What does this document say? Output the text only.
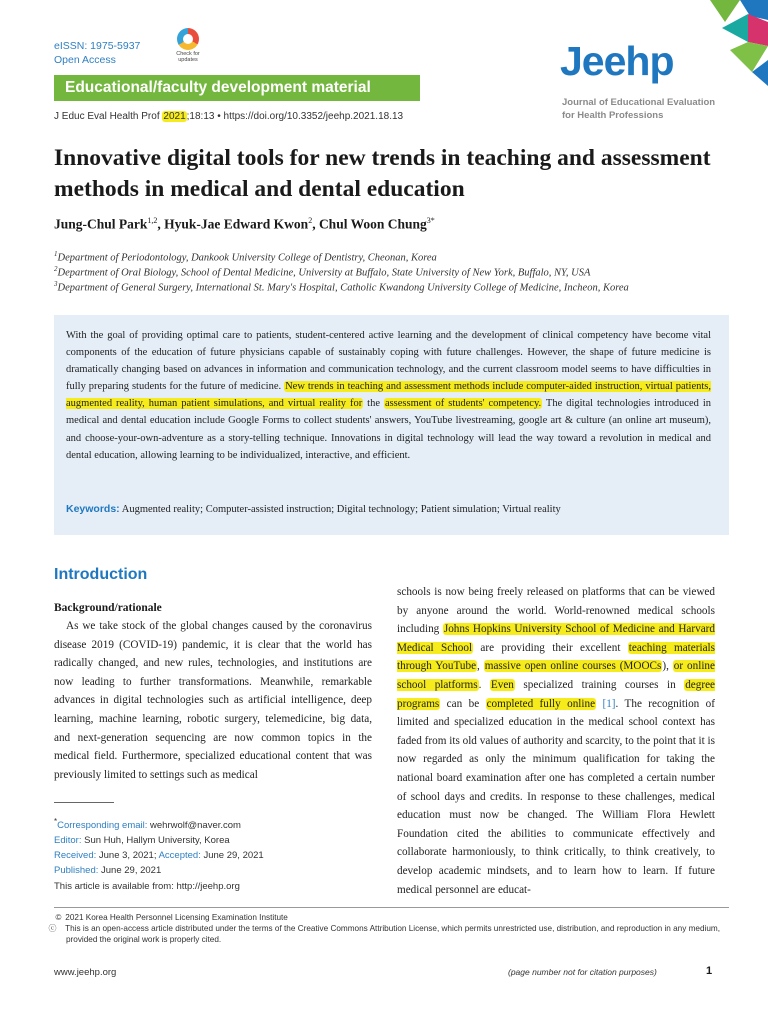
eISSN: 1975-5937
Open Access	Check for updates
Educational/faculty development material
J Educ Eval Health Prof 2021;18:13 • https://doi.org/10.3352/jeehp.2021.18.13
Jeehp
Journal of Educational Evaluation
for Health Professions
Innovative digital tools for new trends in teaching and assessment methods in medical and dental education
Jung-Chul Park$^{1,2}$, Hyuk-Jae Edward Kwon$^2$, Chul Woon Chung$^{3*}$
$^1$Department of Periodontology, Dankook University College of Dentistry, Cheonan, Korea
$^2$Department of Oral Biology, School of Dental Medicine, University at Buffalo, State University of New York, Buffalo, NY, USA
$^3$Department of General Surgery, International St. Mary's Hospital, Catholic Kwandong University College of Medicine, Incheon, Korea
With the goal of providing optimal care to patients, student-centered active learning and the development of clinical competency have become vital components of the education of future physicians capable of sustainably coping with future challenges. However, the shape of future medicine is dramatically changing based on advances in information and communication technology, and the current classroom model seems to have difficulties in fully preparing students for the future of medicine. New trends in teaching and assessment methods include computer-aided instruction, virtual patients, augmented reality, human patient simulations, and virtual reality for the assessment of students' competency. The digital technologies introduced in medical and dental education include Google Forms to collect students' answers, YouTube livestreaming, google art & culture (an online art museum), and choose-your-own-adventure as a story-telling technique. Innovations in digital technology will lead the way toward a revolution in medical and dental education, allowing learning to be individualized, interactive, and efficient.
Keywords: Augmented reality; Computer-assisted instruction; Digital technology; Patient simulation; Virtual reality
Introduction
Background/rationale
As we take stock of the global changes caused by the coronavirus disease 2019 (COVID-19) pandemic, it is clear that the world has radically changed, and new rules, technologies, and institutions are now leading to further transformations. Meanwhile, remarkable advances in digital technologies such as artificial intelligence, deep learning, machine learning, robotic surgery, telemedicine, big data, and next-generation sequencing are now common topics in the medical field. Furthermore, specialized educational content that was previously limited to settings such as medical
schools is now being freely released on platforms that can be viewed by anyone around the world. World-renowned medical schools including Johns Hopkins University School of Medicine and Harvard Medical School are providing their excellent teaching materials through YouTube, massive open online courses (MOOCs), or online school platforms. Even specialized training courses in degree programs can be completed fully online [1]. The recognition of limited and specialized education in the medical school context has faded from its old values of authority and scarcity, to the point that it is now regarded as only the minimum qualification for taking the national board examination after one has completed a certain number of school days and credits. In response to these challenges, medical education must now be changed. The William Flora Hewlett Foundation cited the abilities to communicate effectively and collaborate harmoniously, to think critically, to think creatively, to develop academic mindsets, and to learn how to learn. If future medical personnel are educat-
*Corresponding email: wehrwolf@naver.com
Editor: Sun Huh, Hallym University, Korea
Received: June 3, 2021; Accepted: June 29, 2021
Published: June 29, 2021
This article is available from: http://jeehp.org
© 2021 Korea Health Personnel Licensing Examination Institute
ⓒ This is an open-access article distributed under the terms of the Creative Commons Attribution License, which permits unrestricted use, distribution, and reproduction in any medium, provided the original work is properly cited.
www.jeehp.org	(page number not for citation purposes)	1
